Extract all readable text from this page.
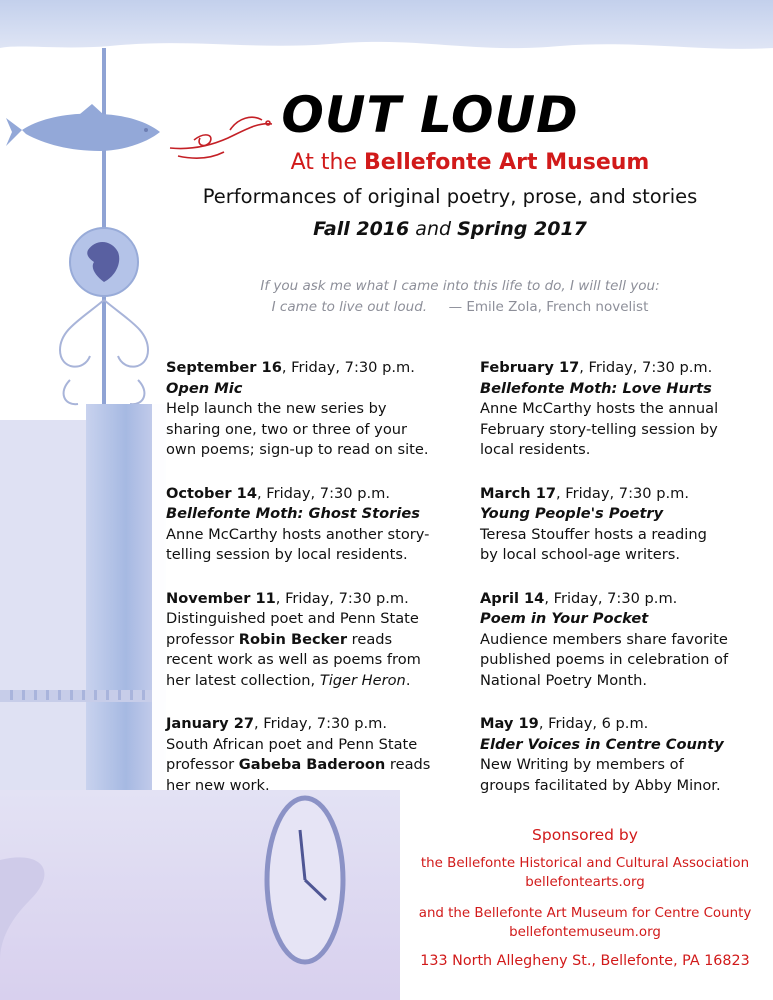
OUT LOUD
At the Bellefonte Art Museum
Performances of original poetry, prose, and stories
Fall 2016 and Spring 2017
If you ask me what I came into this life to do, I will tell you:
I came to live out loud. — Emile Zola, French novelist
September 16, Friday, 7:30 p.m.
Open Mic
Help launch the new series by
sharing one, two or three of your
own poems; sign-up to read on site.
October 14, Friday, 7:30 p.m.
Bellefonte Moth: Ghost Stories
Anne McCarthy hosts another story-
telling session by local residents.
November 11, Friday, 7:30 p.m.
Distinguished poet and Penn State
professor Robin Becker reads
recent work as well as poems from
her latest collection, Tiger Heron.
January 27, Friday, 7:30 p.m.
South African poet and Penn State
professor Gabeba Baderoon reads
her new work.
February 17, Friday, 7:30 p.m.
Bellefonte Moth: Love Hurts
Anne McCarthy hosts the annual
February story-telling session by
local residents.
March 17, Friday, 7:30 p.m.
Young People's Poetry
Teresa Stouffer hosts a reading
by local school-age writers.
April 14, Friday, 7:30 p.m.
Poem in Your Pocket
Audience members share favorite
published poems in celebration of
National Poetry Month.
May 19, Friday, 6 p.m.
Elder Voices in Centre County
New Writing by members of
groups facilitated by Abby Minor.
Sponsored by
the Bellefonte Historical and Cultural Association
bellefontearts.org
and the Bellefonte Art Museum for Centre County
bellefontemuseum.org
133 North Allegheny St., Bellefonte, PA 16823
